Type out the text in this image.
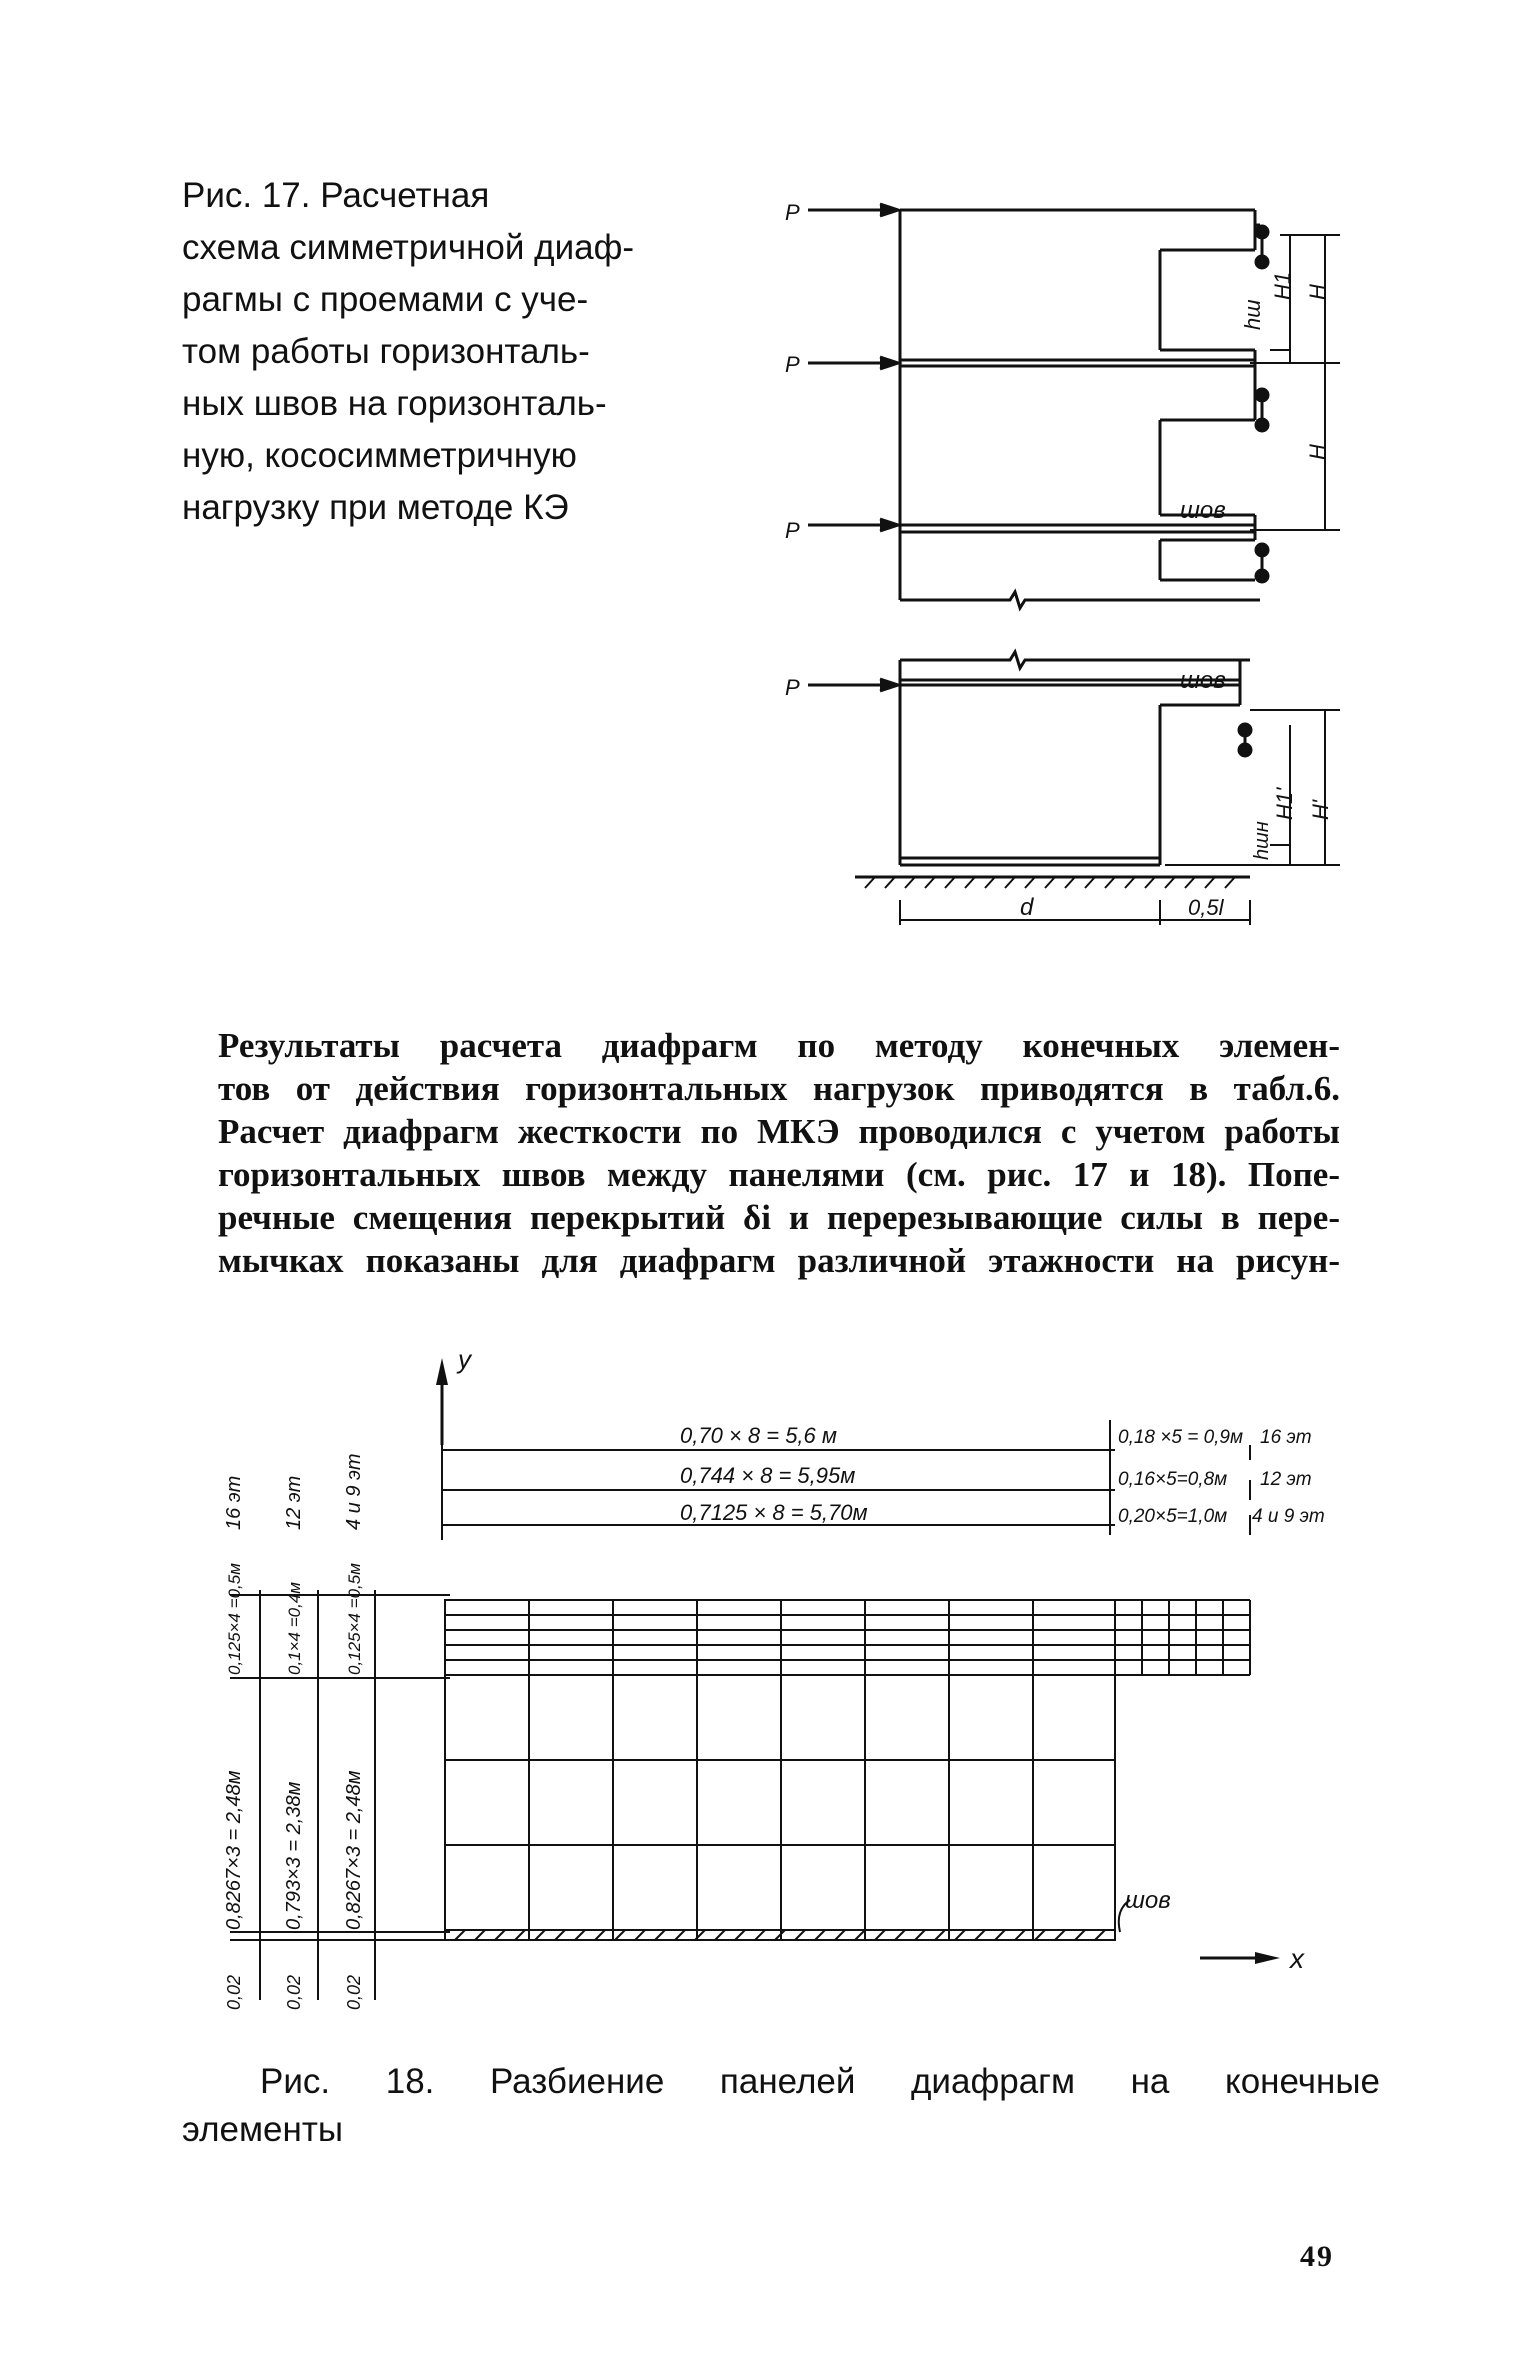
Рис. 17. Расчетная
схема симметричной диаф-
рагмы с проемами с уче-
том работы горизонталь-
ных швов на горизонталь-
ную, кососимметричную
нагрузку при методе КЭ
P
P
P
hш
H1 H
H
шов
P	шов
hшн
H1' H'
d	0,5l
Результаты расчета диафрагм по методу конечных элемен-
тов от действия горизонтальных нагрузок приводятся в табл.6.
Расчет диафрагм жесткости по МКЭ проводился с учетом работы
горизонтальных швов между панелями (см. рис. 17 и 18). Попе-
речные смещения перекрытий δi и перерезывающие силы в пере-
мычках показаны для диафрагм различной этажности на рисун-
y
0,70 × 8 = 5,6 м	0,18 ×5 = 0,9м 16 эт
0,744 × 8 = 5,95м	0,16×5=0,8м 12 эт
0,7125 × 8 = 5,70м	0,20×5=1,0м 4 и 9 эт
шов
x
16 эт
0,125×4 =0,5м
0,8267×3 = 2,48м
0,02
12 эт
0,1×4 =0,4м
0,793×3 = 2,38м
0,02
4 и 9 эт
0,125×4 =0,5м
0,8267×3 = 2,48м
0,02
Рис. 18. Разбиение панелей диафрагм на конечные
элементы
49
